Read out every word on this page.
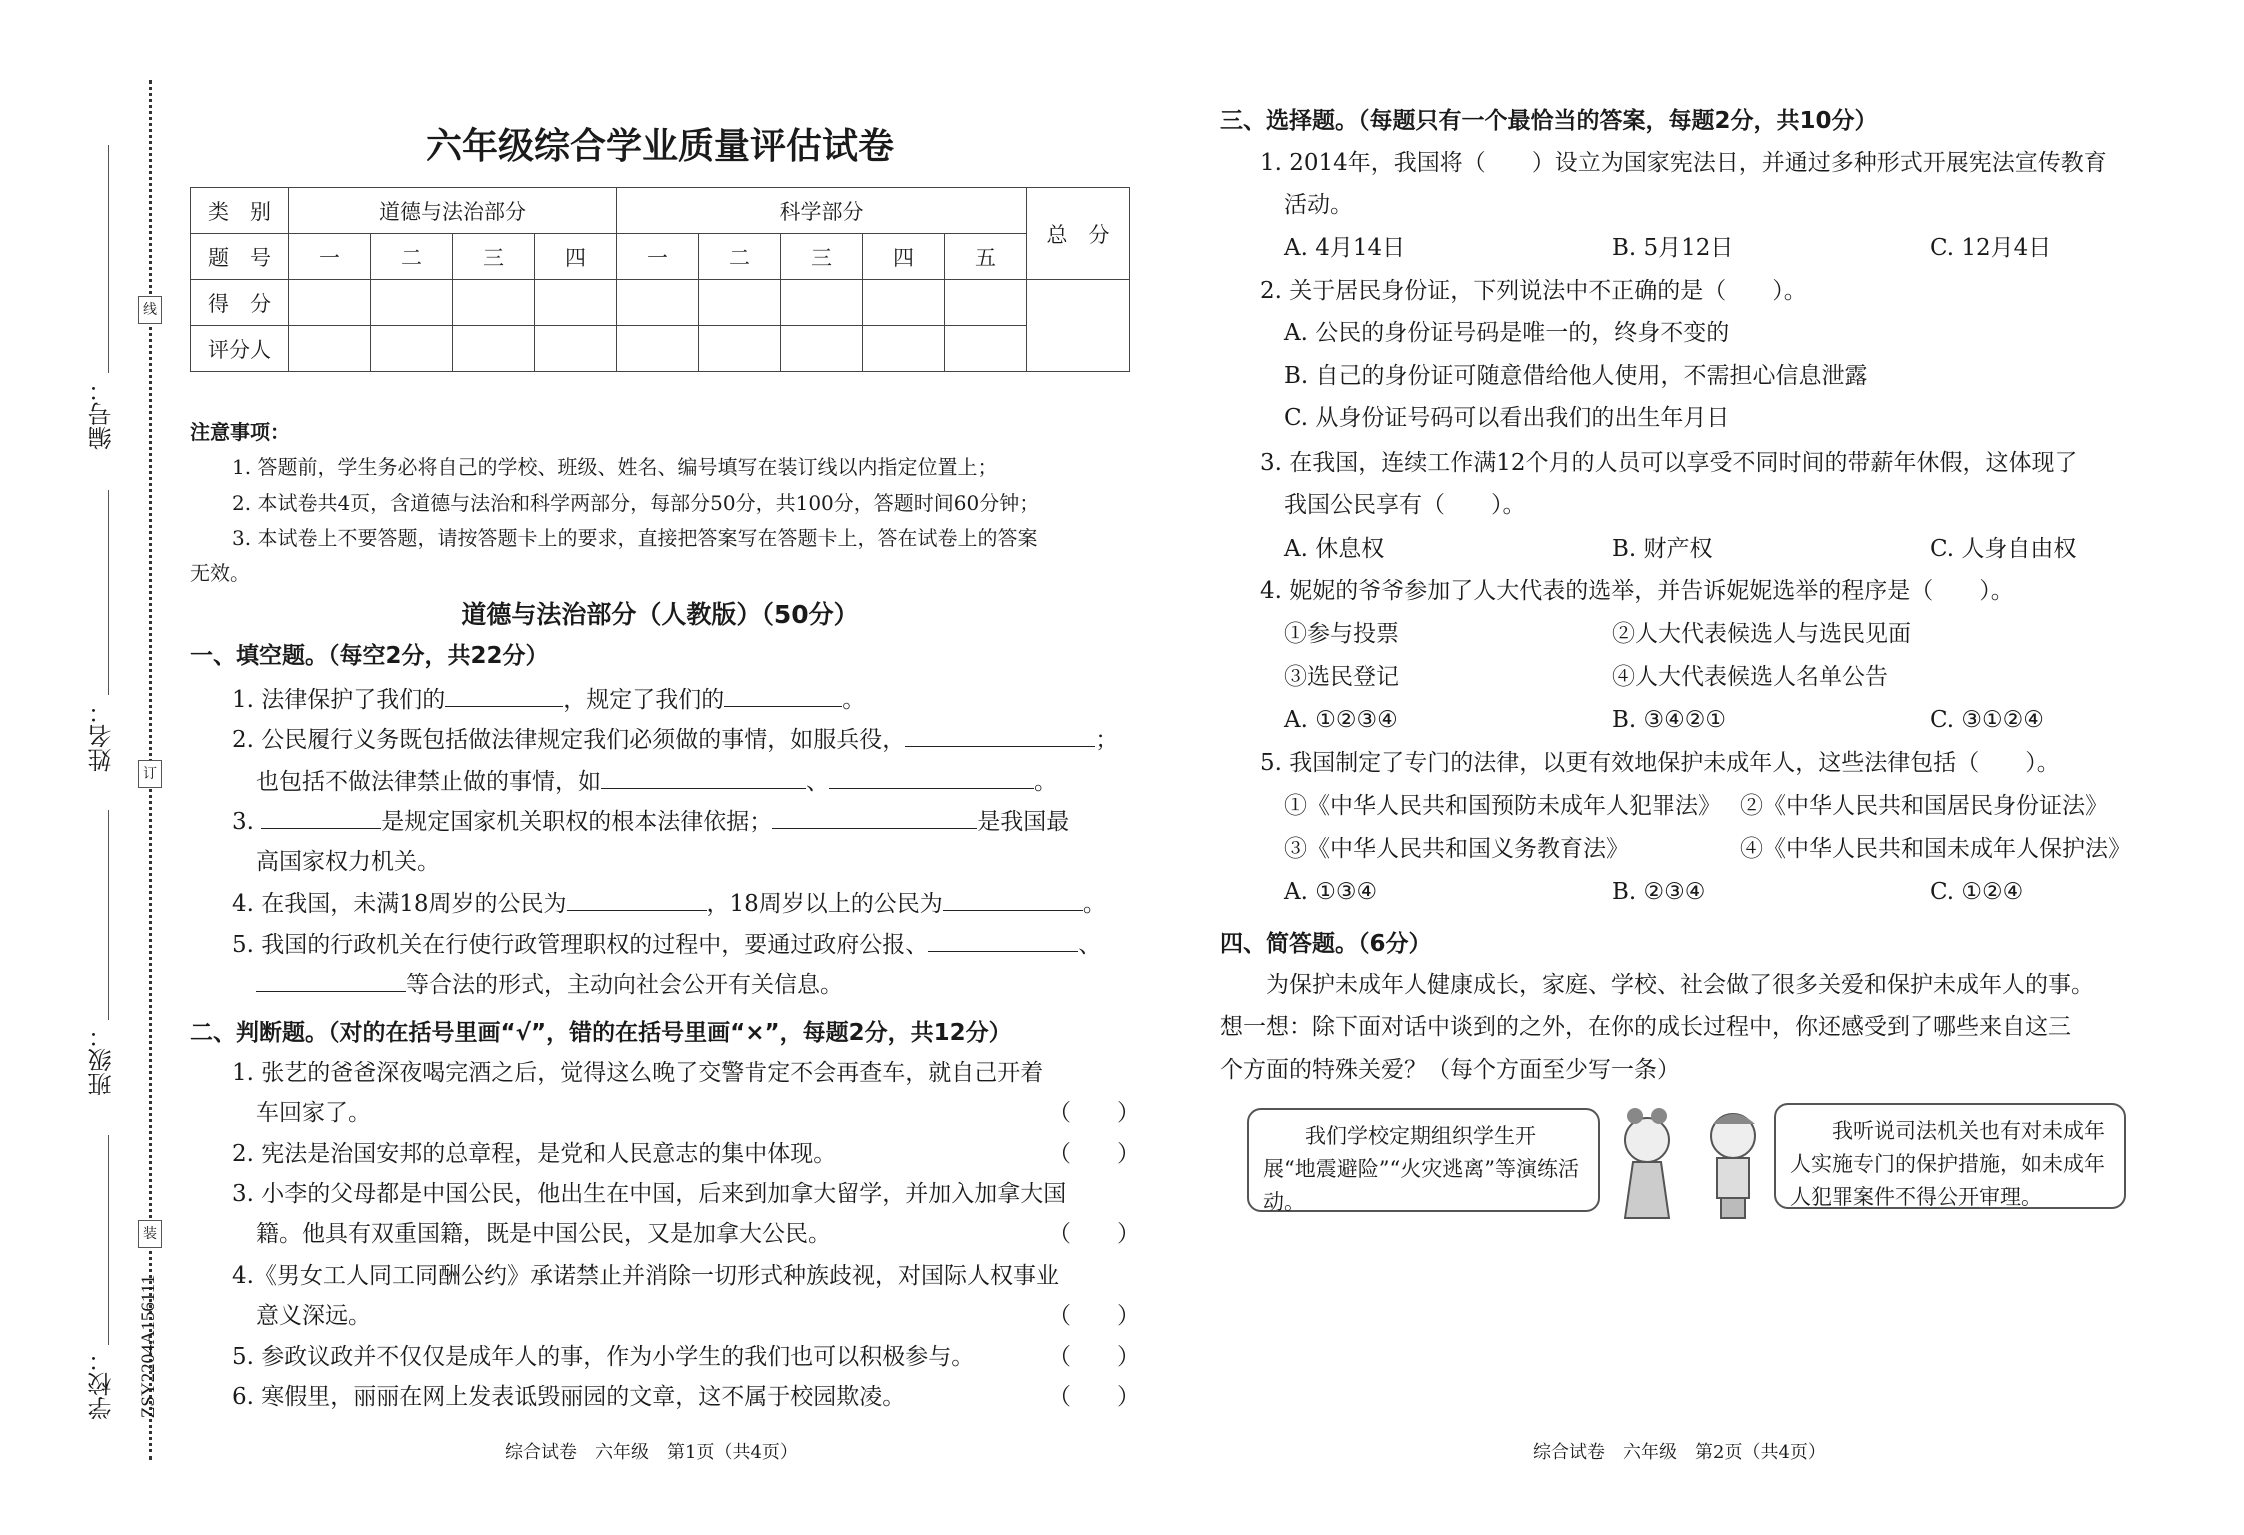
线
订
装
编号：
姓名：
班级：
学校： ZSY2204A156111
六年级综合学业质量评估试卷
类　别	道德与法治部分				科学部分					总　分
题　号	一	二	三	四	一	二	三	四	五	
得　分										
评分人										
注意事项：
1. 答题前，学生务必将自己的学校、班级、姓名、编号填写在装订线以内指定位置上；
2. 本试卷共4页，含道德与法治和科学两部分，每部分50分，共100分，答题时间60分钟；
3. 本试卷上不要答题，请按答题卡上的要求，直接把答案写在答题卡上，答在试卷上的答案
无效。
道德与法治部分（人教版）（50分）
一、填空题。（每空2分，共22分）
1. 法律保护了我们的	，规定了我们的	。
2. 公民履行义务既包括做法律规定我们必须做的事情，如服兵役，	；
也包括不做法律禁止做的事情，如	、	。
3.	是规定国家机关职权的根本法律依据；	是我国最
高国家权力机关。
4. 在我国，未满18周岁的公民为	，18周岁以上的公民为	。
5. 我国的行政机关在行使行政管理职权的过程中，要通过政府公报、	、
等合法的形式，主动向社会公开有关信息。
二、判断题。（对的在括号里画“√”，错的在括号里画“×”，每题2分，共12分）
1. 张艺的爸爸深夜喝完酒之后，觉得这么晚了交警肯定不会再查车，就自己开着
车回家了。	（　　）
2. 宪法是治国安邦的总章程，是党和人民意志的集中体现。	（　　）
3. 小李的父母都是中国公民，他出生在中国，后来到加拿大留学，并加入加拿大国
籍。他具有双重国籍，既是中国公民，又是加拿大公民。	（　　）
4.《男女工人同工同酬公约》承诺禁止并消除一切形式种族歧视，对国际人权事业
意义深远。	（　　）
5. 参政议政并不仅仅是成年人的事，作为小学生的我们也可以积极参与。	（　　）
6. 寒假里，丽丽在网上发表诋毁丽园的文章，这不属于校园欺凌。	（　　）
综合试卷　六年级　第1页（共4页）
三、选择题。（每题只有一个最恰当的答案，每题2分，共10分）
1. 2014年，我国将（　　）设立为国家宪法日，并通过多种形式开展宪法宣传教育
活动。
A. 4月14日	B. 5月12日	C. 12月4日
2. 关于居民身份证，下列说法中不正确的是（　　）。
A. 公民的身份证号码是唯一的，终身不变的
B. 自己的身份证可随意借给他人使用，不需担心信息泄露
C. 从身份证号码可以看出我们的出生年月日
3. 在我国，连续工作满12个月的人员可以享受不同时间的带薪年休假，这体现了
我国公民享有（　　）。
A. 休息权	B. 财产权	C. 人身自由权
4. 妮妮的爷爷参加了人大代表的选举，并告诉妮妮选举的程序是（　　）。
①参与投票	②人大代表候选人与选民见面
③选民登记	④人大代表候选人名单公告
A. ①②③④	B. ③④②①	C. ③①②④
5. 我国制定了专门的法律，以更有效地保护未成年人，这些法律包括（　　）。
①《中华人民共和国预防未成年人犯罪法》 ②《中华人民共和国居民身份证法》
③《中华人民共和国义务教育法》	④《中华人民共和国未成年人保护法》
A. ①③④	B. ②③④	C. ①②④
四、简答题。（6分）
为保护未成年人健康成长，家庭、学校、社会做了很多关爱和保护未成年人的事。
想一想：除下面对话中谈到的之外，在你的成长过程中，你还感受到了哪些来自这三
个方面的特殊关爱？（每个方面至少写一条）
　　我们学校定期组织学生开展“地震避险”“火灾逃离”等演练活动。
　　我听说司法机关也有对未成年人实施专门的保护措施，如未成年人犯罪案件不得公开审理。
综合试卷　六年级　第2页（共4页）
